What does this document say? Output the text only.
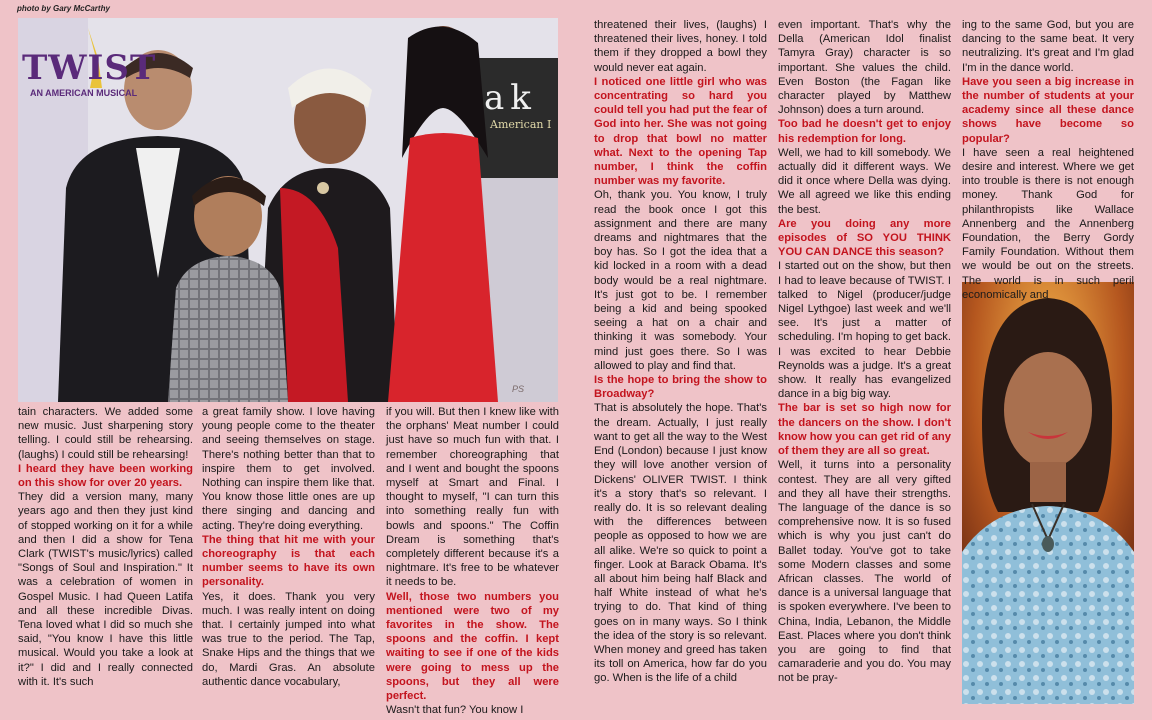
photo by Gary McCarthy
TWIST
AN AMERICAN MUSICAL	ak
American I
PS

tain characters. We added some new music. Just sharpening story telling. I could still be rehearsing. (laughs) I could still be rehearsing!

I heard they have been working on this show for over 20 years.

They did a version many, many years ago and then they just kind of stopped working on it for a while and then I did a show for Tena Clark (TWIST's music/lyrics) called "Songs of Soul and Inspiration." It was a celebration of women in Gospel Music. I had Queen Latifa and all these incredible Divas. Tena loved what I did so much she said, "You know I have this little musical. Would you take a look at it?" I did and I really connected with it. It's such

a great family show. I love having young people come to the theater and seeing themselves on stage. There's nothing better than that to inspire them to get involved. Nothing can inspire them like that. You know those little ones are up there singing and dancing and acting. They're doing everything.

The thing that hit me with your choreography is that each number seems to have its own personality.

Yes, it does. Thank you very much. I was really intent on doing that. I certainly jumped into what was true to the period. The Tap, Snake Hips and the things that we do, Mardi Gras. An absolute authentic dance vocabulary,

if you will. But then I knew like with the orphans' Meat number I could just have so much fun with that. I remember choreographing that and I went and bought the spoons myself at Smart and Final. I thought to myself, "I can turn this into something really fun with bowls and spoons." The Coffin Dream is something that's completely different because it's a nightmare. It's free to be whatever it needs to be.

Well, those two numbers you mentioned were two of my favorites in the show. The spoons and the coffin. I kept waiting to see if one of the kids were going to mess up the spoons, but they all were perfect.

Wasn't that fun? You know I

threatened their lives, (laughs) I threatened their lives, honey. I told them if they dropped a bowl they would never eat again.

I noticed one little girl who was concentrating so hard you could tell you had put the fear of God into her. She was not going to drop that bowl no matter what. Next to the opening Tap number, I think the coffin number was my favorite.

Oh, thank you. You know, I truly read the book once I got this assignment and there are many dreams and nightmares that the boy has. So I got the idea that a kid locked in a room with a dead body would be a real nightmare. It's just got to be. I remember being a kid and being spooked seeing a hat on a chair and thinking it was somebody. Your mind just goes there. So I was allowed to play and find that.

Is the hope to bring the show to Broadway?

That is absolutely the hope. That's the dream. Actually, I just really want to get all the way to the West End (London) because I just know they will love another version of Dickens' OLIVER TWIST. I think it's a story that's so relevant. I really do. It is so relevant dealing with the differences between people as opposed to how we are all alike. We're so quick to point a finger. Look at Barack Obama. It's all about him being half Black and half White instead of what he's trying to do. That kind of thing goes on in many ways. So I think the idea of the story is so relevant. When money and greed has taken its toll on America, how far do you go. When is the life of a child

even important. That's why the Della (American Idol finalist Tamyra Gray) character is so important. She values the child. Even Boston (the Fagan like character played by Matthew Johnson) does a turn around.

Too bad he doesn't get to enjoy his redemption for long.

Well, we had to kill somebody. We actually did it different ways. We did it once where Della was dying. We all agreed we like this ending the best.

Are you doing any more episodes of SO YOU THINK YOU CAN DANCE this season?

I started out on the show, but then I had to leave because of TWIST. I talked to Nigel (producer/judge Nigel Lythgoe) last week and we'll see. It's just a matter of scheduling. I'm hoping to get back. I was excited to hear Debbie Reynolds was a judge. It's a great show. It really has evangelized dance in a big big way.

The bar is set so high now for the dancers on the show. I don't know how you can get rid of any of them they are all so great.

Well, it turns into a personality contest. They are all very gifted and they all have their strengths. The language of the dance is so comprehensive now. It is so fused which is why you just can't do Ballet today. You've got to take some Modern classes and some African classes. The world of dance is a universal language that is spoken everywhere. I've been to China, India, Lebanon, the Middle East. Places where you don't think you are going to find that camaraderie and you do. You may not be pray-

ing to the same God, but you are dancing to the same beat. It very neutralizing. It's great and I'm glad I'm in the dance world.

Have you seen a big increase in the number of students at your academy since all these dance shows have become so popular?

I have seen a real heightened desire and interest. Where we get into trouble is there is not enough money. Thank God for philanthropists like Wallace Annenberg and the Annenberg Foundation, the Berry Gordy Family Foundation. Without them we would be out on the streets. The world is in such peril economically and
